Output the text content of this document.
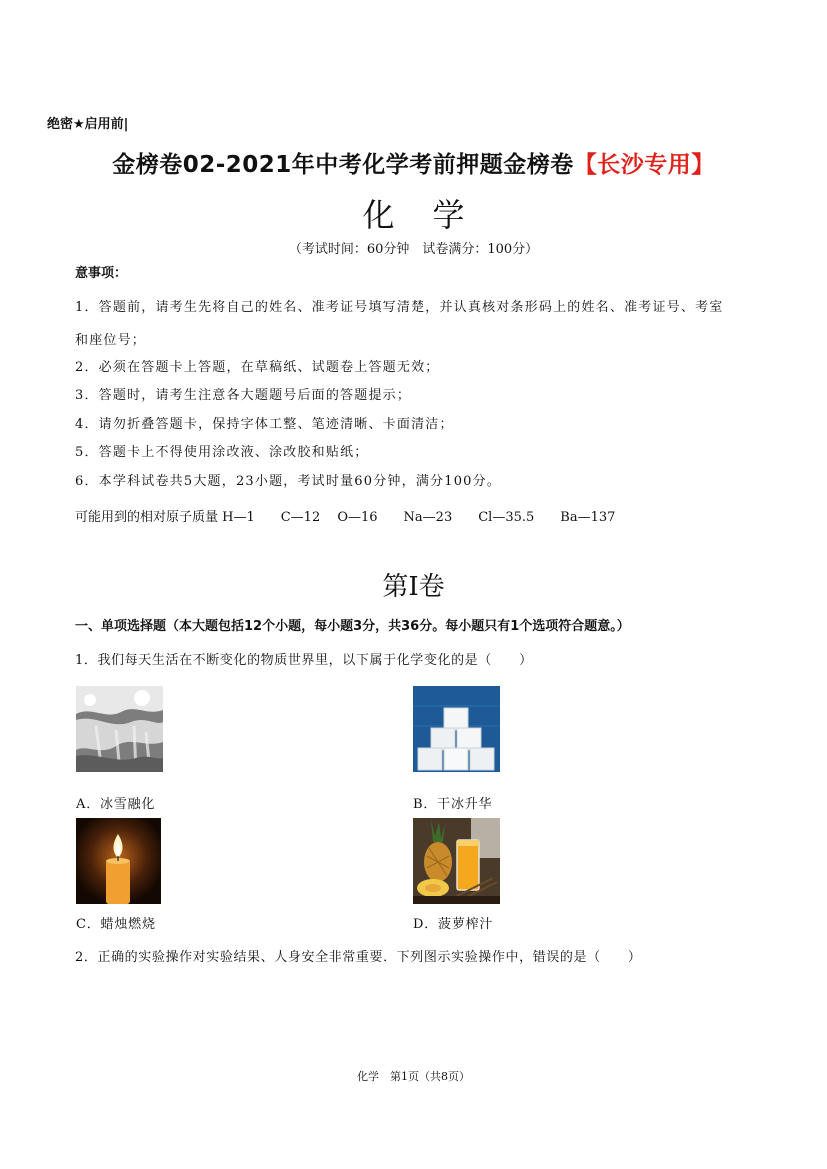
绝密★启用前|
金榜卷02-2021年中考化学考前押题金榜卷【长沙专用】
化学
（考试时间：60分钟　试卷满分：100分）
意事项：
1．答题前，请考生先将自己的姓名、准考证号填写清楚，并认真核对条形码上的姓名、准考证号、考室
和座位号；
2．必须在答题卡上答题，在草稿纸、试题卷上答题无效；
3．答题时，请考生注意各大题题号后面的答题提示；
4．请勿折叠答题卡，保持字体工整、笔迹清晰、卡面清洁；
5．答题卡上不得使用涂改液、涂改胶和贴纸；
6．本学科试卷共5大题，23小题，考试时量60分钟，满分100分。
可能用到的相对原子质量 H—1　　C—12　 O—16　　Na—23　　Cl—35.5　　Ba—137
第Ⅰ卷
一、单项选择题（本大题包括12个小题，每小题3分，共36分。每小题只有1个选项符合题意。）
1．我们每天生活在不断变化的物质世界里，以下属于化学变化的是（　　）
A．冰雪融化	B．干冰升华
C．蜡烛燃烧	D．菠萝榨汁
2．正确的实验操作对实验结果、人身安全非常重要．下列图示实验操作中，错误的是（　　）
化学　第1页（共8页）
